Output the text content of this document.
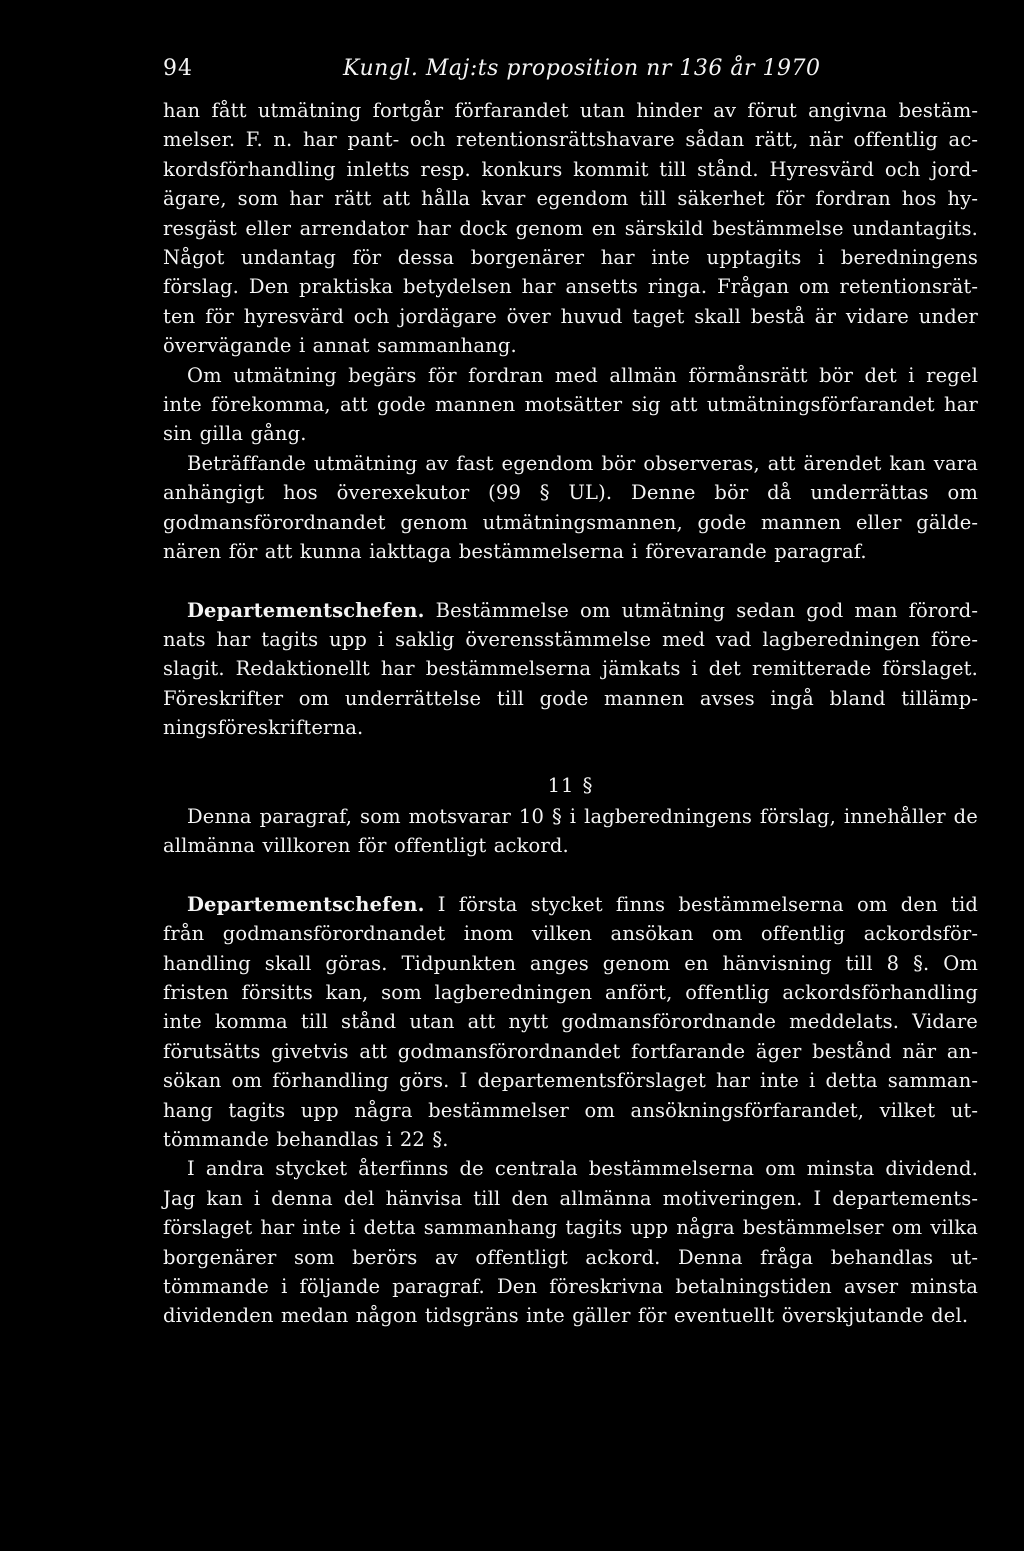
94	Kungl. Maj:ts proposition nr 136 år 1970

han fått utmätning fortgår förfarandet utan hinder av förut angivna bestämmelser. F. n. har pant- och retentionsrättshavare sådan rätt, när offentlig ackordsförhandling inletts resp. konkurs kommit till stånd. Hyresvärd och jordägare, som har rätt att hålla kvar egendom till säkerhet för fordran hos hyresgäst eller arrendator har dock genom en särskild bestämmelse undantagits. Något undantag för dessa borgenärer har inte upptagits i beredningens förslag. Den praktiska betydelsen har ansetts ringa. Frågan om retentionsrätten för hyresvärd och jordägare över huvud taget skall bestå är vidare under övervägande i annat sammanhang.

Om utmätning begärs för fordran med allmän förmånsrätt bör det i regel inte förekomma, att gode mannen motsätter sig att utmätningsförfarandet har sin gilla gång.

Beträffande utmätning av fast egendom bör observeras, att ärendet kan vara anhängigt hos överexekutor (99 § UL). Denne bör då underrättas om godmansförordnandet genom utmätningsmannen, gode mannen eller gäldenären för att kunna iakttaga bestämmelserna i förevarande paragraf.

Departementschefen. Bestämmelse om utmätning sedan god man förordnats har tagits upp i saklig överensstämmelse med vad lagberedningen föreslagit. Redaktionellt har bestämmelserna jämkats i det remitterade förslaget. Föreskrifter om underrättelse till gode mannen avses ingå bland tillämpningsföreskrifterna.

11 §

Denna paragraf, som motsvarar 10 § i lagberedningens förslag, innehåller de allmänna villkoren för offentligt ackord.

Departementschefen. I första stycket finns bestämmelserna om den tid från godmansförordnandet inom vilken ansökan om offentlig ackordsförhandling skall göras. Tidpunkten anges genom en hänvisning till 8 §. Om fristen försitts kan, som lagberedningen anfört, offentlig ackordsförhandling inte komma till stånd utan att nytt godmansförordnande meddelats. Vidare förutsätts givetvis att godmansförordnandet fortfarande äger bestånd när ansökan om förhandling görs. I departementsförslaget har inte i detta sammanhang tagits upp några bestämmelser om ansökningsförfarandet, vilket uttömmande behandlas i 22 §.

I andra stycket återfinns de centrala bestämmelserna om minsta dividend. Jag kan i denna del hänvisa till den allmänna motiveringen. I departementsförslaget har inte i detta sammanhang tagits upp några bestämmelser om vilka borgenärer som berörs av offentligt ackord. Denna fråga behandlas uttömmande i följande paragraf. Den föreskrivna betalningstiden avser minsta dividenden medan någon tidsgräns inte gäller för eventuellt överskjutande del.
